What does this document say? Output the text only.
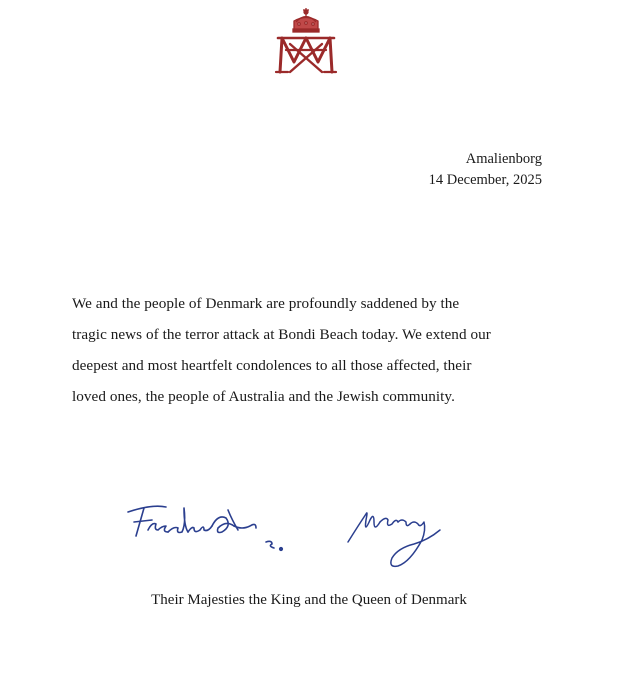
Amalienborg
14 December, 2025
We and the people of Denmark are profoundly saddened by the
tragic news of the terror attack at Bondi Beach today. We extend our
deepest and most heartfelt condolences to all those affected, their
loved ones, the people of Australia and the Jewish community.
Their Majesties the King and the Queen of Denmark
